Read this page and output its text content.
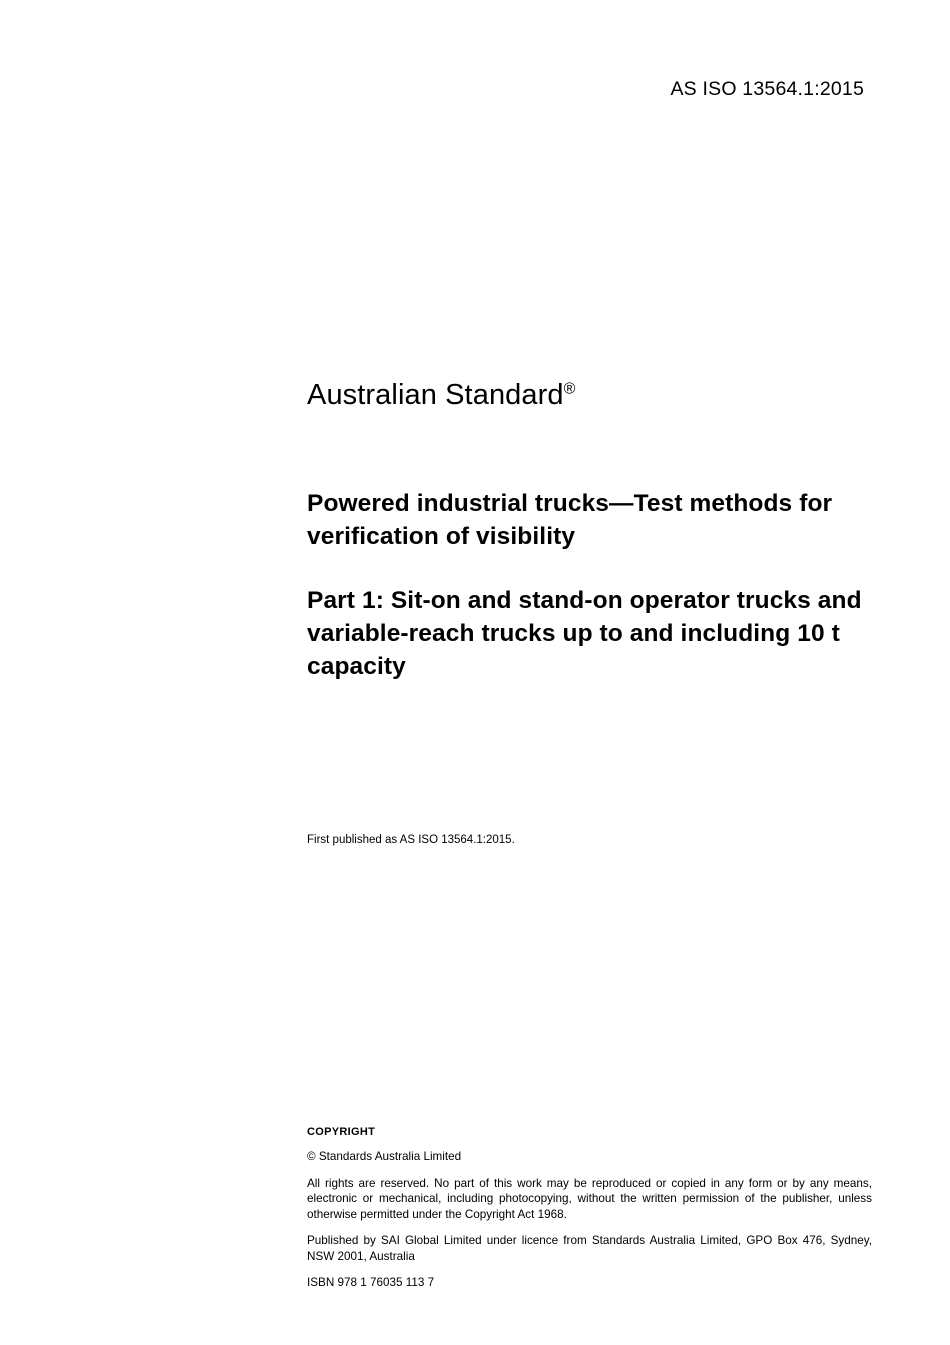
AS ISO 13564.1:2015
Australian Standard®
Powered industrial trucks—Test methods for verification of visibility
Part 1: Sit-on and stand-on operator trucks and variable-reach trucks up to and including 10 t capacity
First published as AS ISO 13564.1:2015.
COPYRIGHT
© Standards Australia Limited
All rights are reserved. No part of this work may be reproduced or copied in any form or by any means, electronic or mechanical, including photocopying, without the written permission of the publisher, unless otherwise permitted under the Copyright Act 1968.
Published by SAI Global Limited under licence from Standards Australia Limited, GPO Box 476, Sydney, NSW 2001, Australia
ISBN 978 1 76035 113 7
